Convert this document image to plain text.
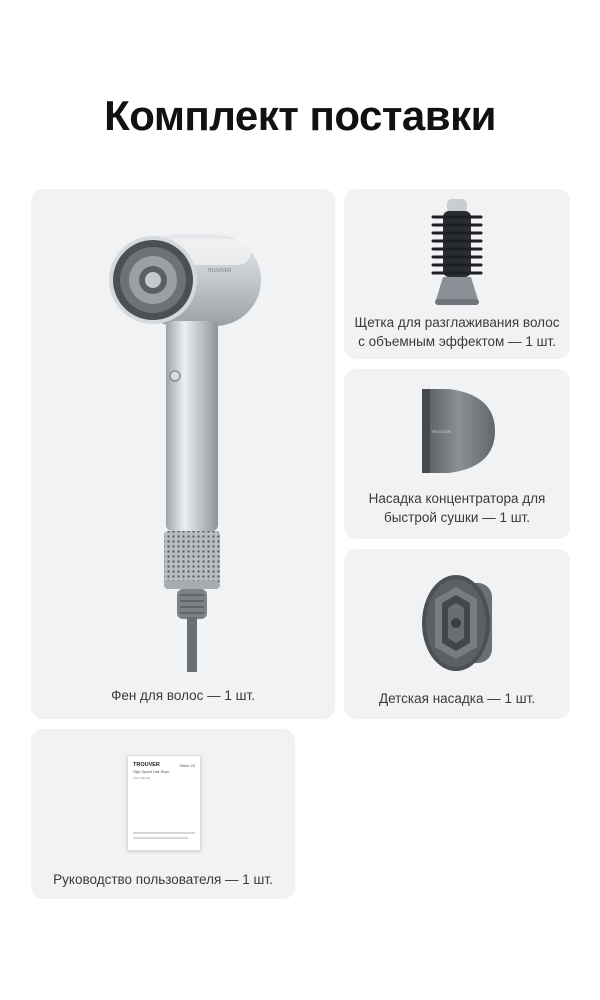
Комплект поставки
TROUVER
Фен для волос — 1 шт.
Щетка для разглаживания волос
с объемным эффектом — 1 шт.
TROUVER
Насадка концентратора для
быстрой сушки — 1 шт.
Детская насадка — 1 шт.
TROUVER	Shine 20
High-Speed Hair Dryer
User Manual
Руководство пользователя — 1 шт.
